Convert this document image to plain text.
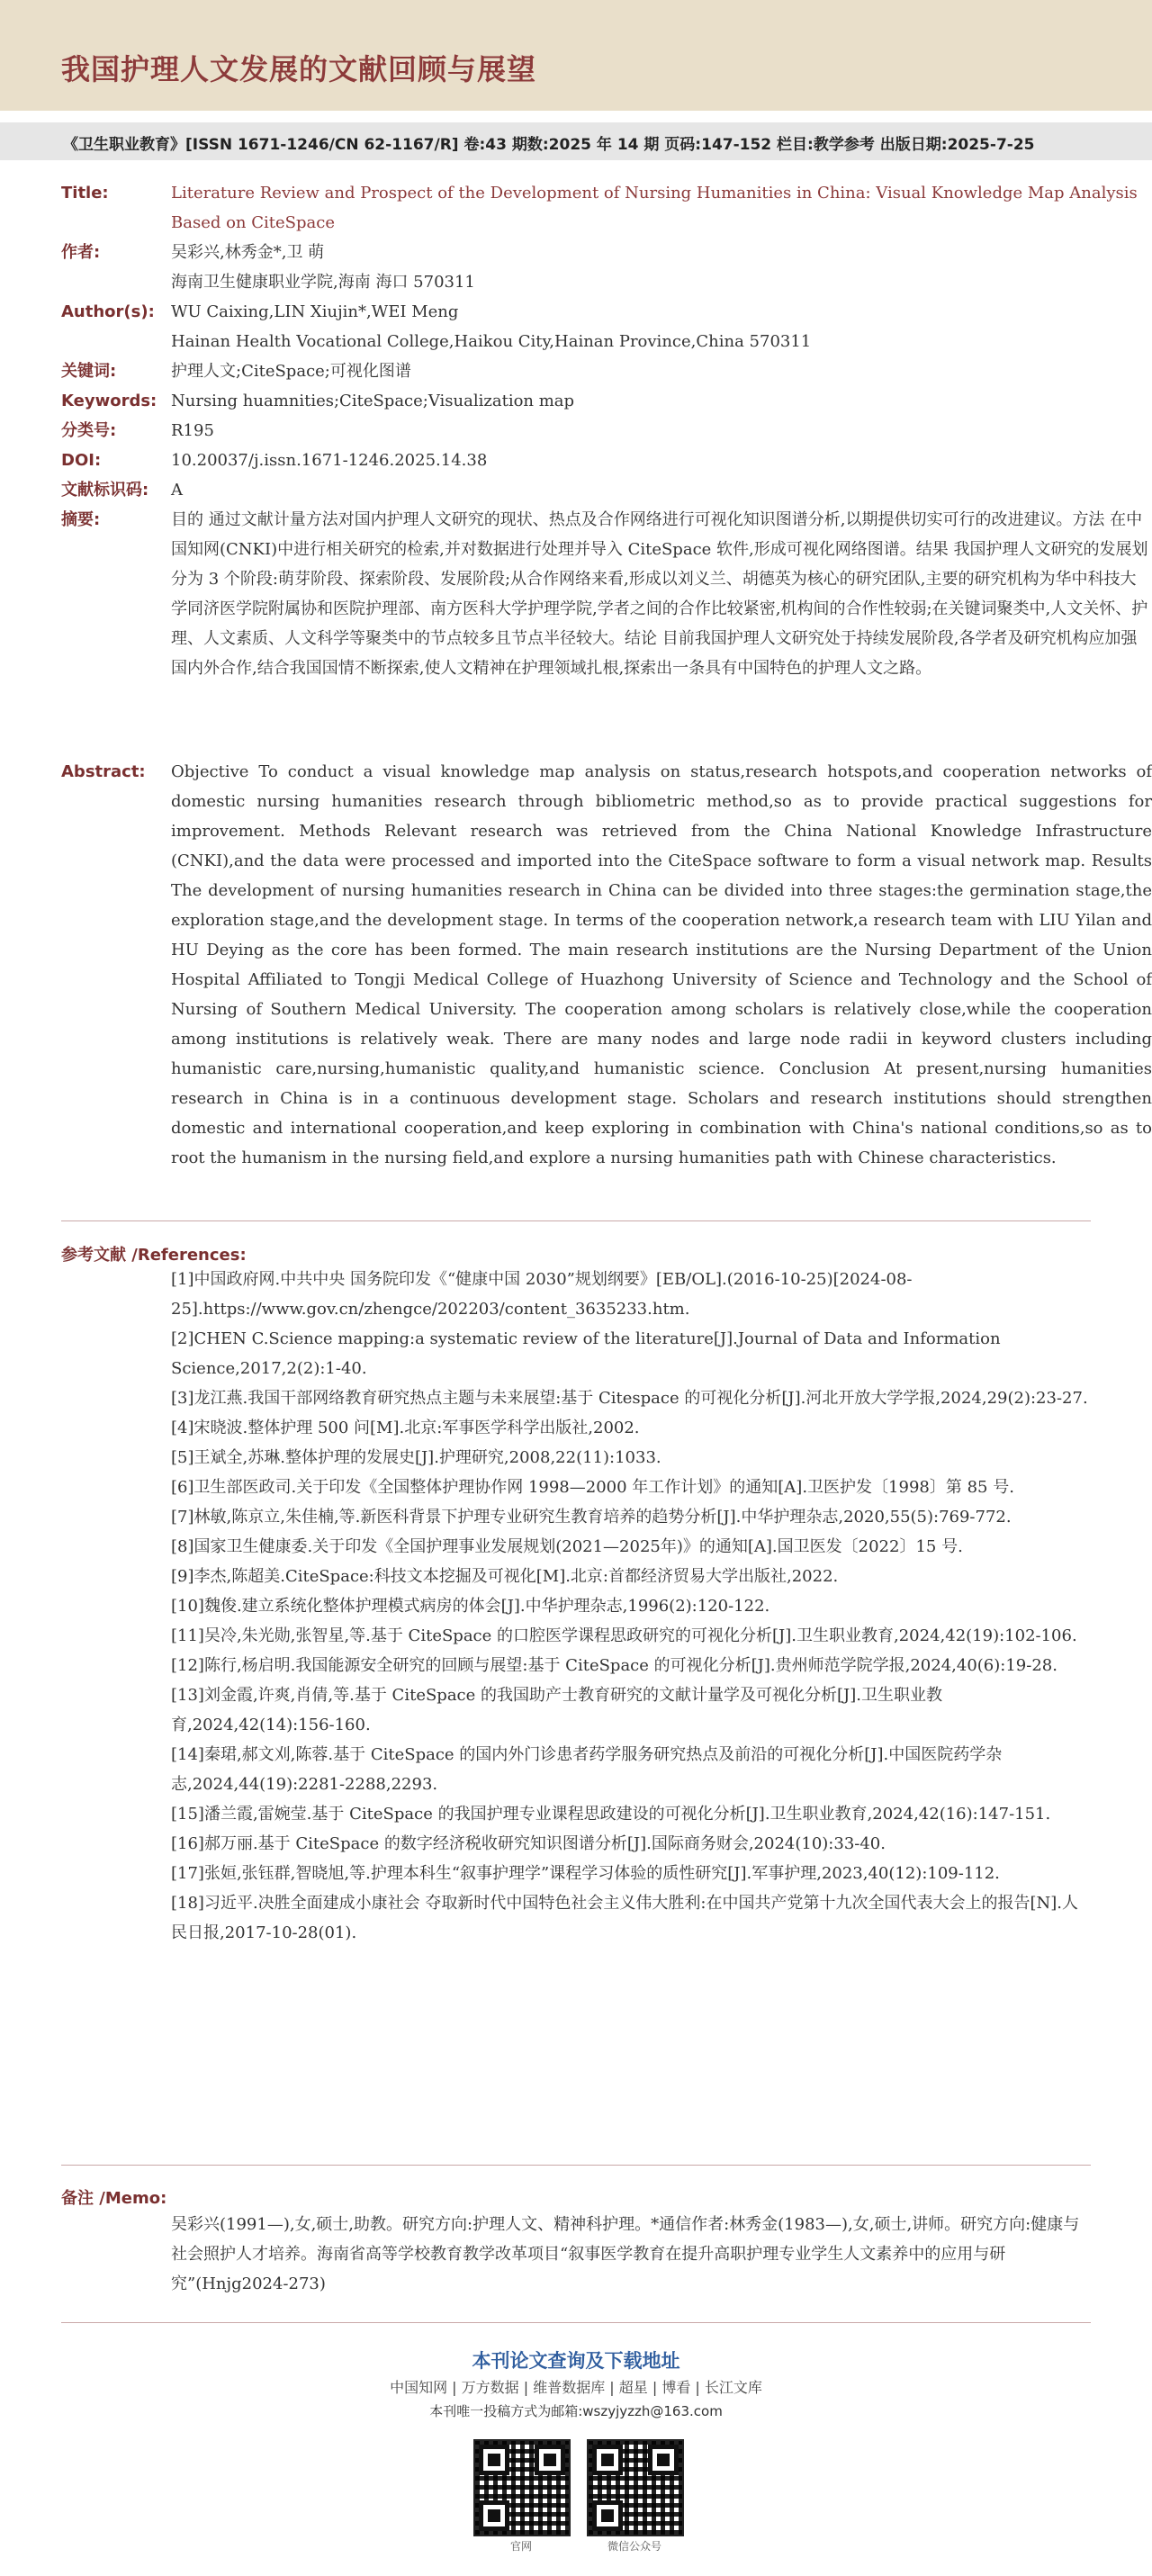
我国护理人文发展的文献回顾与展望
《卫生职业教育》[ISSN 1671-1246/CN 62-1167/R] 卷:43 期数:2025 年 14 期 页码:147-152 栏目:教学参考 出版日期:2025-7-25
Title:	Literature Review and Prospect of the Development of Nursing Humanities in China: Visual Knowledge Map Analysis Based on CiteSpace
作者:	吴彩兴,林秀金*,卫 萌
海南卫生健康职业学院,海南 海口 570311
Author(s):	WU Caixing,LIN Xiujin*,WEI Meng
Hainan Health Vocational College,Haikou City,Hainan Province,China 570311
关键词:	护理人文;CiteSpace;可视化图谱
Keywords: Nursing huamnities;CiteSpace;Visualization map
分类号:	R195
DOI:	10.20037/j.issn.1671-1246.2025.14.38
文献标识码:	A
摘要:	目的 通过文献计量方法对国内护理人文研究的现状、热点及合作网络进行可视化知识图谱分析,以期提供切实可行的改进建议。方法 在中国知网(CNKI)中进行相关研究的检索,并对数据进行处理并导入 CiteSpace 软件,形成可视化网络图谱。结果 我国护理人文研究的发展划分为 3 个阶段:萌芽阶段、探索阶段、发展阶段;从合作网络来看,形成以刘义兰、胡德英为核心的研究团队,主要的研究机构为华中科技大学同济医学院附属协和医院护理部、南方医科大学护理学院,学者之间的合作比较紧密,机构间的合作性较弱;在关键词聚类中,人文关怀、护理、人文素质、人文科学等聚类中的节点较多且节点半径较大。结论 目前我国护理人文研究处于持续发展阶段,各学者及研究机构应加强国内外合作,结合我国国情不断探索,使人文精神在护理领域扎根,探索出一条具有中国特色的护理人文之路。
Abstract:	Objective To conduct a visual knowledge map analysis on status,research hotspots,and cooperation networks of domestic nursing humanities research through bibliometric method,so as to provide practical suggestions for improvement. Methods Relevant research was retrieved from the China National Knowledge Infrastructure (CNKI),and the data were processed and imported into the CiteSpace software to form a visual network map. Results The development of nursing humanities research in China can be divided into three stages:the germination stage,the exploration stage,and the development stage. In terms of the cooperation network,a research team with LIU Yilan and HU Deying as the core has been formed. The main research institutions are the Nursing Department of the Union Hospital Affiliated to Tongji Medical College of Huazhong University of Science and Technology and the School of Nursing of Southern Medical University. The cooperation among scholars is relatively close,while the cooperation among institutions is relatively weak. There are many nodes and large node radii in keyword clusters including humanistic care,nursing,humanistic quality,and humanistic science. Conclusion At present,nursing humanities research in China is in a continuous development stage. Scholars and research institutions should strengthen domestic and international cooperation,and keep exploring in combination with China's national conditions,so as to root the humanism in the nursing field,and explore a nursing humanities path with Chinese characteristics.
参考文献 /References:
[1]中国政府网.中共中央 国务院印发《“健康中国 2030”规划纲要》[EB/OL].(2016-10-25)[2024-08-25].https://www.gov.cn/zhengce/202203/content_3635233.htm.
[2]CHEN C.Science mapping:a systematic review of the literature[J].Journal of Data and Information Science,2017,2(2):1-40.
[3]龙江燕.我国干部网络教育研究热点主题与未来展望:基于 Citespace 的可视化分析[J].河北开放大学学报,2024,29(2):23-27.
[4]宋晓波.整体护理 500 问[M].北京:军事医学科学出版社,2002.
[5]王斌全,苏琳.整体护理的发展史[J].护理研究,2008,22(11):1033.
[6]卫生部医政司.关于印发《全国整体护理协作网 1998—2000 年工作计划》的通知[A].卫医护发〔1998〕第 85 号.
[7]林敏,陈京立,朱佳楠,等.新医科背景下护理专业研究生教育培养的趋势分析[J].中华护理杂志,2020,55(5):769-772.
[8]国家卫生健康委.关于印发《全国护理事业发展规划(2021—2025年)》的通知[A].国卫医发〔2022〕15 号.
[9]李杰,陈超美.CiteSpace:科技文本挖掘及可视化[M].北京:首都经济贸易大学出版社,2022.
[10]魏俊.建立系统化整体护理模式病房的体会[J].中华护理杂志,1996(2):120-122.
[11]吴冷,朱光勋,张智星,等.基于 CiteSpace 的口腔医学课程思政研究的可视化分析[J].卫生职业教育,2024,42(19):102-106.
[12]陈行,杨启明.我国能源安全研究的回顾与展望:基于 CiteSpace 的可视化分析[J].贵州师范学院学报,2024,40(6):19-28.
[13]刘金霞,许爽,肖倩,等.基于 CiteSpace 的我国助产士教育研究的文献计量学及可视化分析[J].卫生职业教育,2024,42(14):156-160.
[14]秦珺,郝文刈,陈蓉.基于 CiteSpace 的国内外门诊患者药学服务研究热点及前沿的可视化分析[J].中国医院药学杂志,2024,44(19):2281-2288,2293.
[15]潘兰霞,雷婉莹.基于 CiteSpace 的我国护理专业课程思政建设的可视化分析[J].卫生职业教育,2024,42(16):147-151.
[16]郝万丽.基于 CiteSpace 的数字经济税收研究知识图谱分析[J].国际商务财会,2024(10):33-40.
[17]张姮,张钰群,智晓旭,等.护理本科生“叙事护理学”课程学习体验的质性研究[J].军事护理,2023,40(12):109-112.
[18]习近平.决胜全面建成小康社会 夺取新时代中国特色社会主义伟大胜利:在中国共产党第十九次全国代表大会上的报告[N].人民日报,2017-10-28(01).
备注 /Memo:
吴彩兴(1991—),女,硕士,助教。研究方向:护理人文、精神科护理。*通信作者:林秀金(1983—),女,硕士,讲师。研究方向:健康与社会照护人才培养。海南省高等学校教育教学改革项目“叙事医学教育在提升高职护理专业学生人文素养中的应用与研究”(Hnjg2024-273)
本刊论文查询及下载地址
中国知网 | 万方数据 | 维普数据库 | 超星 | 博看 | 长江文库
本刊唯一投稿方式为邮箱:wszyjyzzh@163.com
官网	微信公众号
